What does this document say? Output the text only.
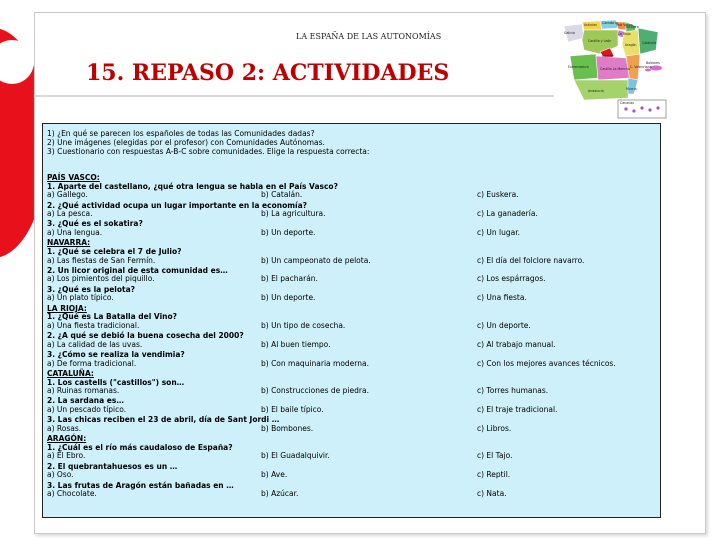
LA ESPAÑA DE LAS AUTONOMÍAS
15. REPASO 2: ACTIVIDADES
Asturias Cantabria
Galicia
País Vasco
Navarra
La Rioja
Castilla y León
Aragón Cataluña
Madrid
Extremadura	Castilla La Mancha C. Valenciana
Andalucía	Murcia
Baleares
Canarias
1) ¿En qué se parecen los españoles de todas las Comunidades dadas?
2) Une imágenes (elegidas por el profesor) con Comunidades Autónomas.
3) Cuestionario con respuestas A-B-C sobre comunidades. Elige la respuesta correcta:
PAÍS VASCO:
1. Aparte del castellano, ¿qué otra lengua se habla en el País Vasco?
a) Gallego.	b) Catalán.	c) Euskera.
2. ¿Qué actividad ocupa un lugar importante en la economía?
a) La pesca.	b) La agricultura.	c) La ganadería.
3. ¿Qué es el sokatira?
a) Una lengua.	b) Un deporte.	c) Un lugar.
NAVARRA:
1. ¿Qué se celebra el 7 de Julio?
a) Las fiestas de San Fermín.	b) Un campeonato de pelota.	c) El día del folclore navarro.
2. Un licor original de esta comunidad es…
a) Los pimientos del piquillo.	b) El pacharán.	c) Los espárragos.
3. ¿Qué es la pelota?
a) Un plato típico.	b) Un deporte.	c) Una fiesta.
LA RIOJA:
1. ¿Qué es La Batalla del Vino?
a) Una fiesta tradicional.	b) Un tipo de cosecha.	c) Un deporte.
2. ¿A qué se debió la buena cosecha del 2000?
a) La calidad de las uvas.	b) Al buen tiempo.	c) Al trabajo manual.
3. ¿Cómo se realiza la vendimia?
a) De forma tradicional.	b) Con maquinaria moderna.	c) Con los mejores avances técnicos.
CATALUÑA:
1. Los castells ("castillos") son…
a) Ruinas romanas.	b) Construcciones de piedra.	c) Torres humanas.
2. La sardana es…
a) Un pescado típico.	b) El baile típico.	c) El traje tradicional.
3. Las chicas reciben el 23 de abril, día de Sant Jordi …
a) Rosas.	b) Bombones.	c) Libros.
ARAGÓN:
1. ¿Cuál es el río más caudaloso de España?
a) El Ebro.	b) El Guadalquivir.	c) El Tajo.
2. El quebrantahuesos es un …
a) Oso.	b) Ave.	c) Reptil.
3. Las frutas de Aragón están bañadas en …
a) Chocolate.	b) Azúcar.	c) Nata.
